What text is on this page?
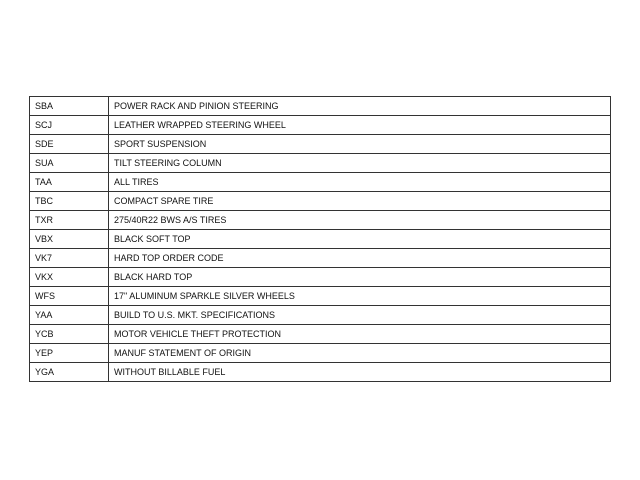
SBA	POWER RACK AND PINION STEERING
SCJ	LEATHER WRAPPED STEERING WHEEL
SDE	SPORT SUSPENSION
SUA	TILT STEERING COLUMN
TAA	ALL TIRES
TBC	COMPACT SPARE TIRE
TXR	275/40R22 BWS A/S TIRES
VBX	BLACK SOFT TOP
VK7	HARD TOP ORDER CODE
VKX	BLACK HARD TOP
WFS	17" ALUMINUM SPARKLE SILVER WHEELS
YAA	BUILD TO U.S. MKT. SPECIFICATIONS
YCB	MOTOR VEHICLE THEFT PROTECTION
YEP	MANUF STATEMENT OF ORIGIN
YGA	WITHOUT BILLABLE FUEL
